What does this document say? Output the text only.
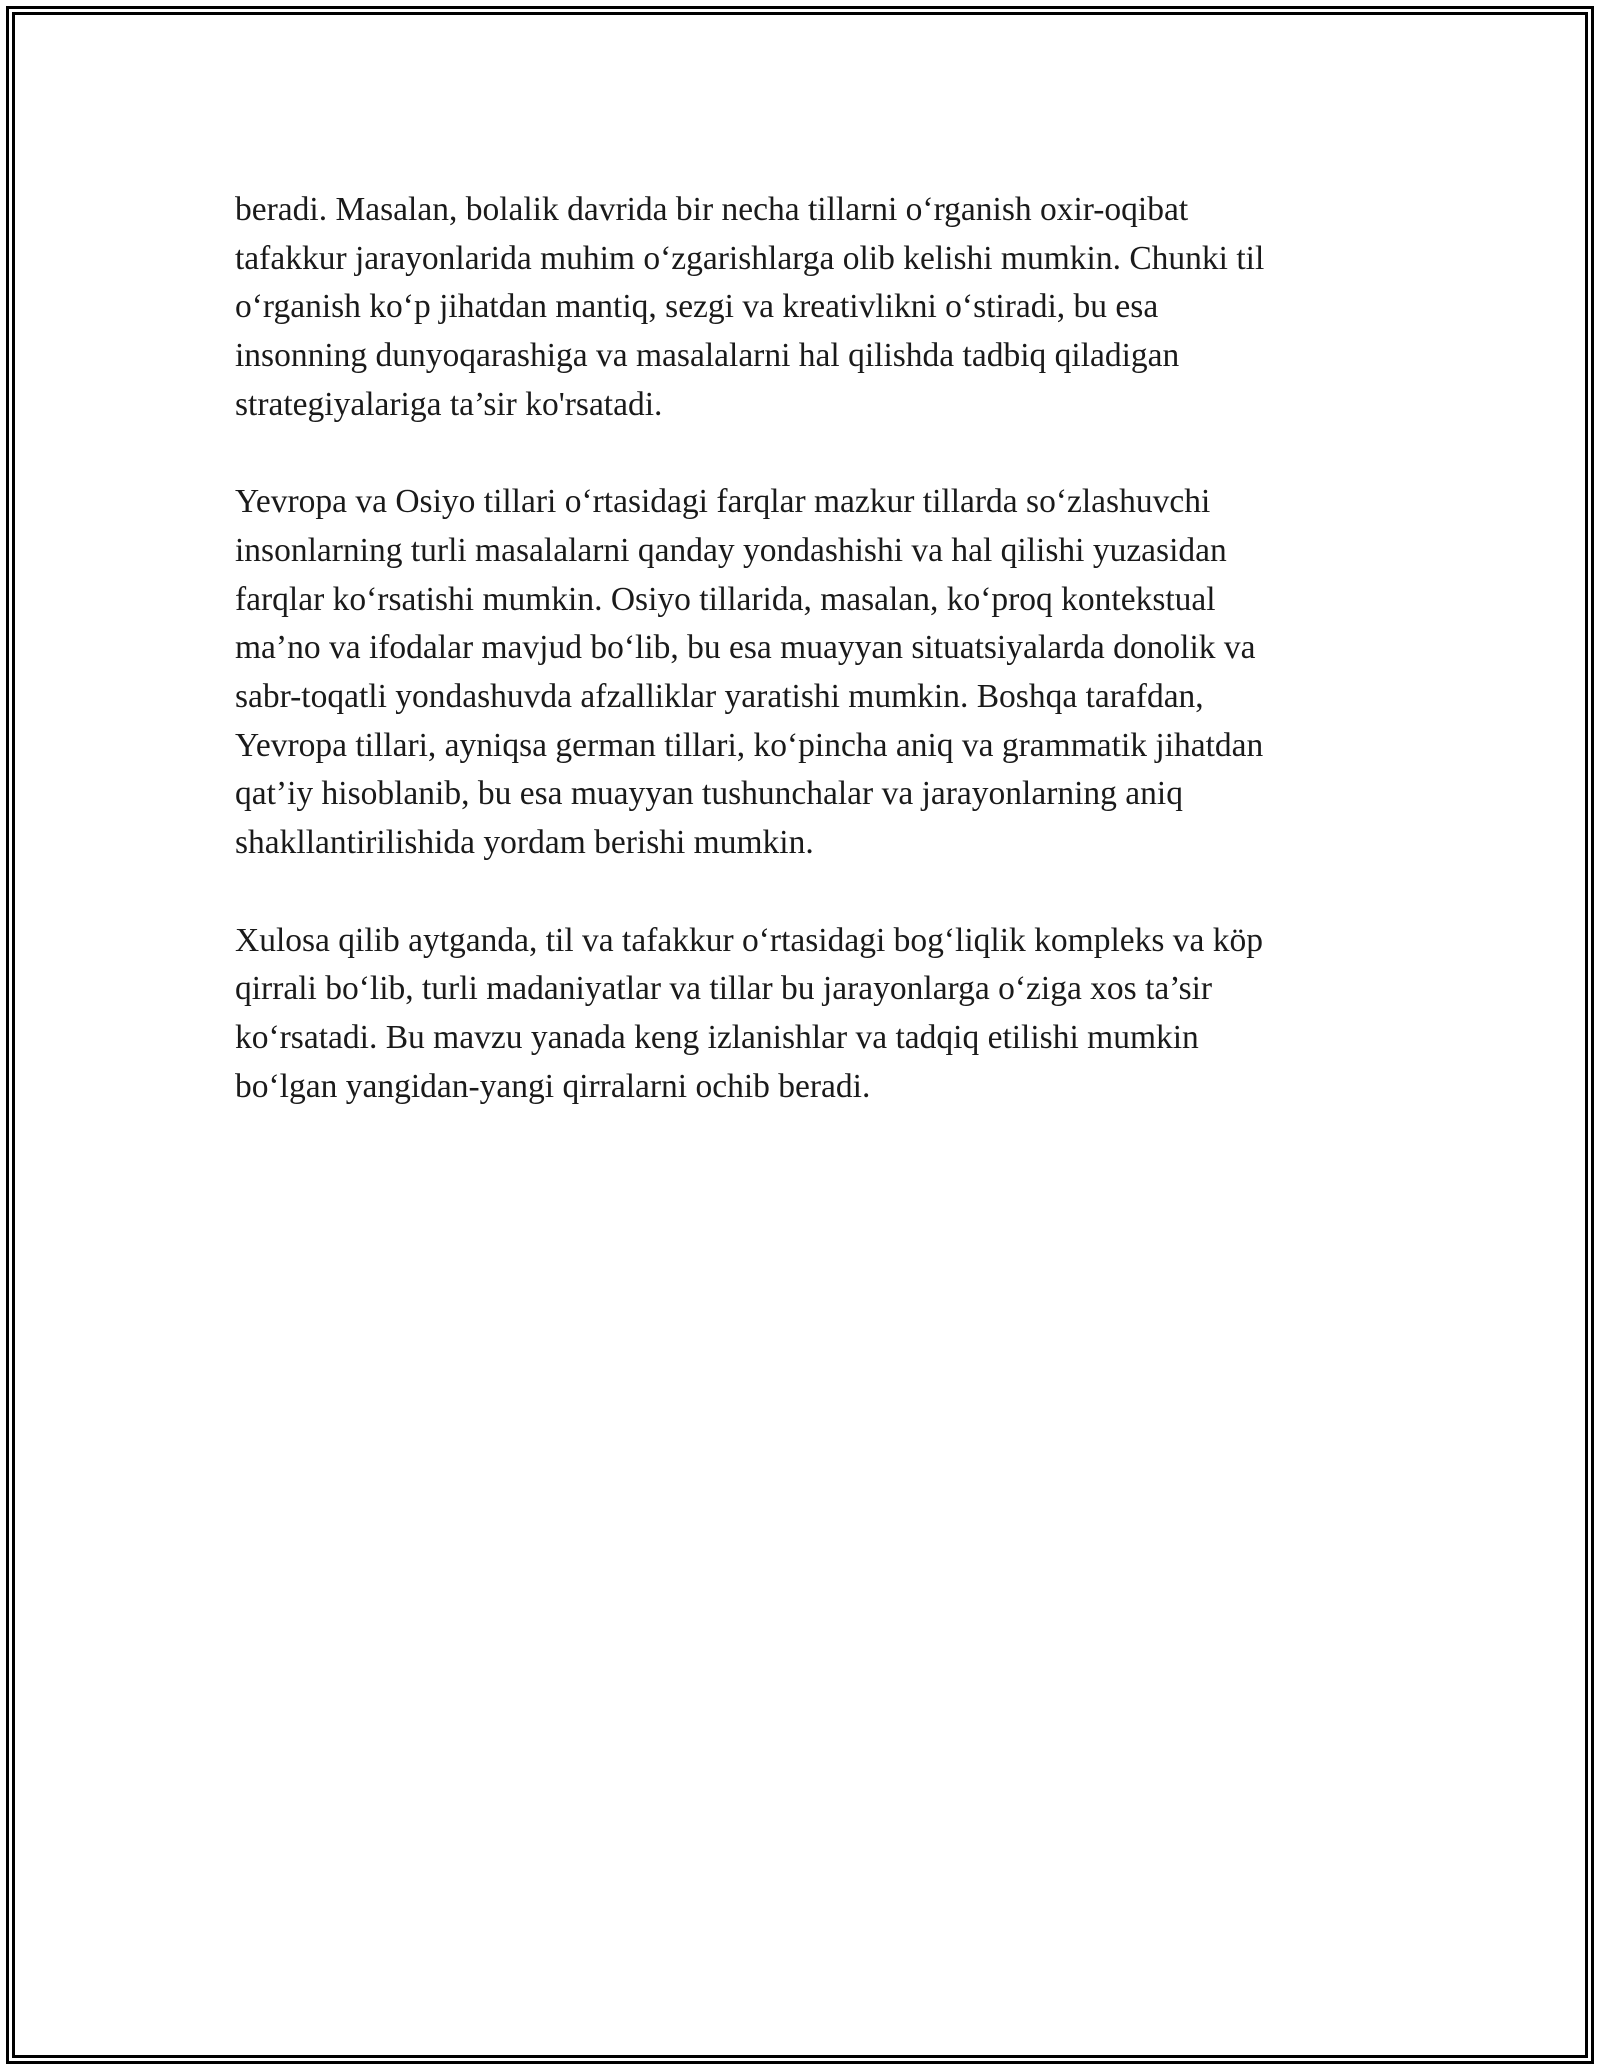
beradi. Masalan, bolalik davrida bir necha tillarni o‘rganish oxir-oqibat
tafakkur jarayonlarida muhim o‘zgarishlarga olib kelishi mumkin. Chunki til
o‘rganish ko‘p jihatdan mantiq, sezgi va kreativlikni o‘stiradi, bu esa
insonning dunyoqarashiga va masalalarni hal qilishda tadbiq qiladigan
strategiyalariga ta’sir ko'rsatadi.

Yevropa va Osiyo tillari o‘rtasidagi farqlar mazkur tillarda so‘zlashuvchi
insonlarning turli masalalarni qanday yondashishi va hal qilishi yuzasidan
farqlar ko‘rsatishi mumkin. Osiyo tillarida, masalan, ko‘proq kontekstual
ma’no va ifodalar mavjud bo‘lib, bu esa muayyan situatsiyalarda donolik va
sabr-toqatli yondashuvda afzalliklar yaratishi mumkin. Boshqa tarafdan,
Yevropa tillari, ayniqsa german tillari, ko‘pincha aniq va grammatik jihatdan
qat’iy hisoblanib, bu esa muayyan tushunchalar va jarayonlarning aniq
shakllantirilishida yordam berishi mumkin.

Xulosa qilib aytganda, til va tafakkur o‘rtasidagi bog‘liqlik kompleks va köp
qirrali bo‘lib, turli madaniyatlar va tillar bu jarayonlarga o‘ziga xos ta’sir
ko‘rsatadi. Bu mavzu yanada keng izlanishlar va tadqiq etilishi mumkin
bo‘lgan yangidan-yangi qirralarni ochib beradi.
